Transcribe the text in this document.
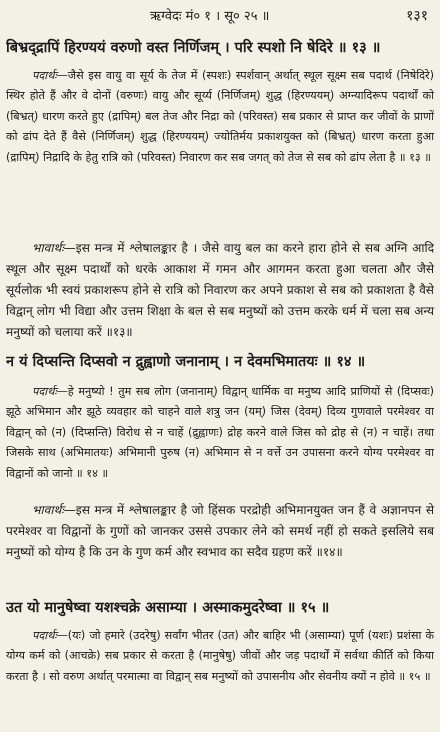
ऋग्वेदः मं० १ । सू० २५ ॥	१३१
बिभ्रद्द्रापिं हिरण्ययं वरुणो वस्त निर्णिजम् । परि स्पशो नि षेदिरे ॥ १३ ॥
पदार्थः—जैसे इस वायु वा सूर्य के तेज में (स्पशः) स्पर्शवान् अर्थात् स्थूल सूक्ष्म सब पदार्थ (निषेदिरे) स्थिर होते हैं और वे दोनों (वरुणः) वायु और सूर्य्य (निर्णिजम्) शुद्ध (हिरण्ययम्) अग्न्यादिरूप पदार्थों को (बिभ्रत्) धारण करते हुए (द्रापिम्) बल तेज और निद्रा को (परिवस्त) सब प्रकार से प्राप्त कर जीवों के प्राणों को ढांप देते हैं वैसे (निर्णिजम्) शुद्ध (हिरण्ययम्) ज्योतिर्मय प्रकाशयुक्त को (बिभ्रत्) धारण करता हुआ (द्रापिम्) निद्रादि के हेतु रात्रि को (परिवस्त) निवारण कर सब जगत् को तेज से सब को ढांप लेता है ॥ १३ ॥
भावार्थः—इस मन्त्र में श्लेषालङ्कार है । जैसे वायु बल का करने हारा होने से सब अग्नि आदि स्थूल और सूक्ष्म पदार्थों को धरके आकाश में गमन और आगमन करता हुआ चलता और जैसे सूर्यलोक भी स्वयं प्रकाशरूप होने से रात्रि को निवारण कर अपने प्रकाश से सब को प्रकाशता है वैसे विद्वान् लोग भी विद्या और उत्तम शिक्षा के बल से सब मनुष्यों को उत्तम करके धर्म में चला सब अन्य मनुष्यों को चलाया करें ॥१३॥
न यं दिप्सन्ति दिप्सवो न द्रुह्वाणो जनानाम् । न देवमभिमातयः ॥ १४ ॥
पदार्थः—हे मनुष्यो ! तुम सब लोग (जनानाम्) विद्वान् धार्मिक वा मनुष्य आदि प्राणियों से (दिप्सवः) झूठे अभिमान और झूठे व्यवहार को चाहने वाले शत्रु जन (यम्) जिस (देवम्) दिव्य गुणवाले परमेश्वर वा विद्वान् को (न) (दिप्सन्ति) विरोध से न चाहें (द्रुह्वाणः) द्रोह करने वाले जिस को द्रोह से (न) न चाहें। तथा जिसके साथ (अभिमातयः) अभिमानी पुरुष (न) अभिमान से न वर्त्ते उन उपासना करने योग्य परमेश्वर वा विद्वानों को जानो ॥ १४ ॥
भावार्थः—इस मन्त्र में श्लेषालङ्कार है जो हिंसक परद्रोही अभिमानयुक्त जन हैं वे अज्ञानपन से परमेश्वर वा विद्वानों के गुणों को जानकर उससे उपकार लेने को समर्थ नहीं हो सकते इसलिये सब मनुष्यों को योग्य है कि उन के गुण कर्म और स्वभाव का सदैव ग्रहण करें ॥१४॥
उत यो मानुषेष्वा यशश्चक्रे असाम्या । अस्माकमुदरेष्वा ॥ १५ ॥
पदार्थः—(यः) जो हमारे (उदरेषु) सर्वांग भीतर (उत) और बाहिर भी (असाम्या) पूर्ण (यशः) प्रशंसा के योग्य कर्म को (आचक्रे) सब प्रकार से करता है (मानुषेषु) जीवों और जड़ पदार्थों में सर्वथा कीर्ति को किया करता है । सो वरुण अर्थात् परमात्मा वा विद्वान् सब मनुष्यों को उपासनीय और सेवनीय क्यों न होवे ॥ १५ ॥
